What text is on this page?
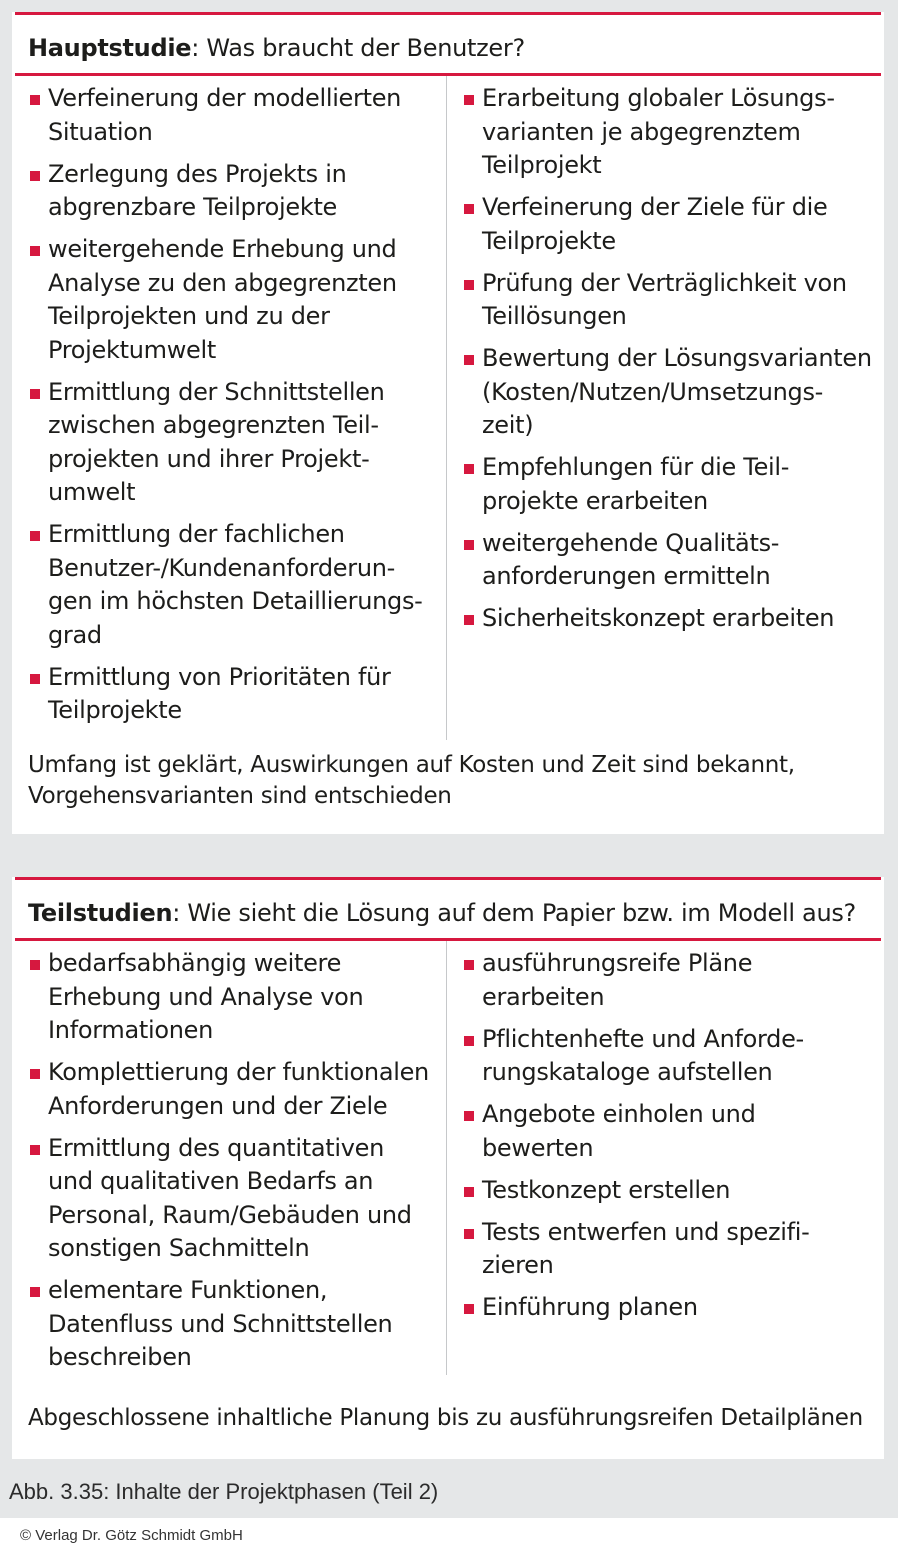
Hauptstudie: Was braucht der Benutzer?
Verfeinerung der modellierten
Situation
Zerlegung des Projekts in
abgrenzbare Teilprojekte
weitergehende Erhebung und
Analyse zu den abgegrenzten
Teilprojekten und zu der
Projektumwelt
Ermittlung der Schnittstellen
zwischen abgegrenzten Teil-
projekten und ihrer Projekt-
umwelt
Ermittlung der fachlichen
Benutzer-/Kundenanforderun-
gen im höchsten Detaillierungs-
grad
Ermittlung von Prioritäten für
Teilprojekte
Erarbeitung globaler Lösungs-
varianten je abgegrenztem
Teilprojekt
Verfeinerung der Ziele für die
Teilprojekte
Prüfung der Verträglichkeit von
Teillösungen
Bewertung der Lösungsvarianten
(Kosten/Nutzen/Umsetzungs-
zeit)
Empfehlungen für die Teil-
projekte erarbeiten
weitergehende Qualitäts-
anforderungen ermitteln
Sicherheitskonzept erarbeiten
Umfang ist geklärt, Auswirkungen auf Kosten und Zeit sind bekannt,
Vorgehensvarianten sind entschieden
Teilstudien: Wie sieht die Lösung auf dem Papier bzw. im Modell aus?
bedarfsabhängig weitere
Erhebung und Analyse von
Informationen
Komplettierung der funktionalen
Anforderungen und der Ziele
Ermittlung des quantitativen
und qualitativen Bedarfs an
Personal, Raum/Gebäuden und
sonstigen Sachmitteln
elementare Funktionen,
Datenfluss und Schnittstellen
beschreiben
ausführungsreife Pläne
erarbeiten
Pflichtenhefte und Anforde-
rungskataloge aufstellen
Angebote einholen und
bewerten
Testkonzept erstellen
Tests entwerfen und spezifi-
zieren
Einführung planen
Abgeschlossene inhaltliche Planung bis zu ausführungsreifen Detailplänen
Abb. 3.35: Inhalte der Projektphasen (Teil 2)
© Verlag Dr. Götz Schmidt GmbH
